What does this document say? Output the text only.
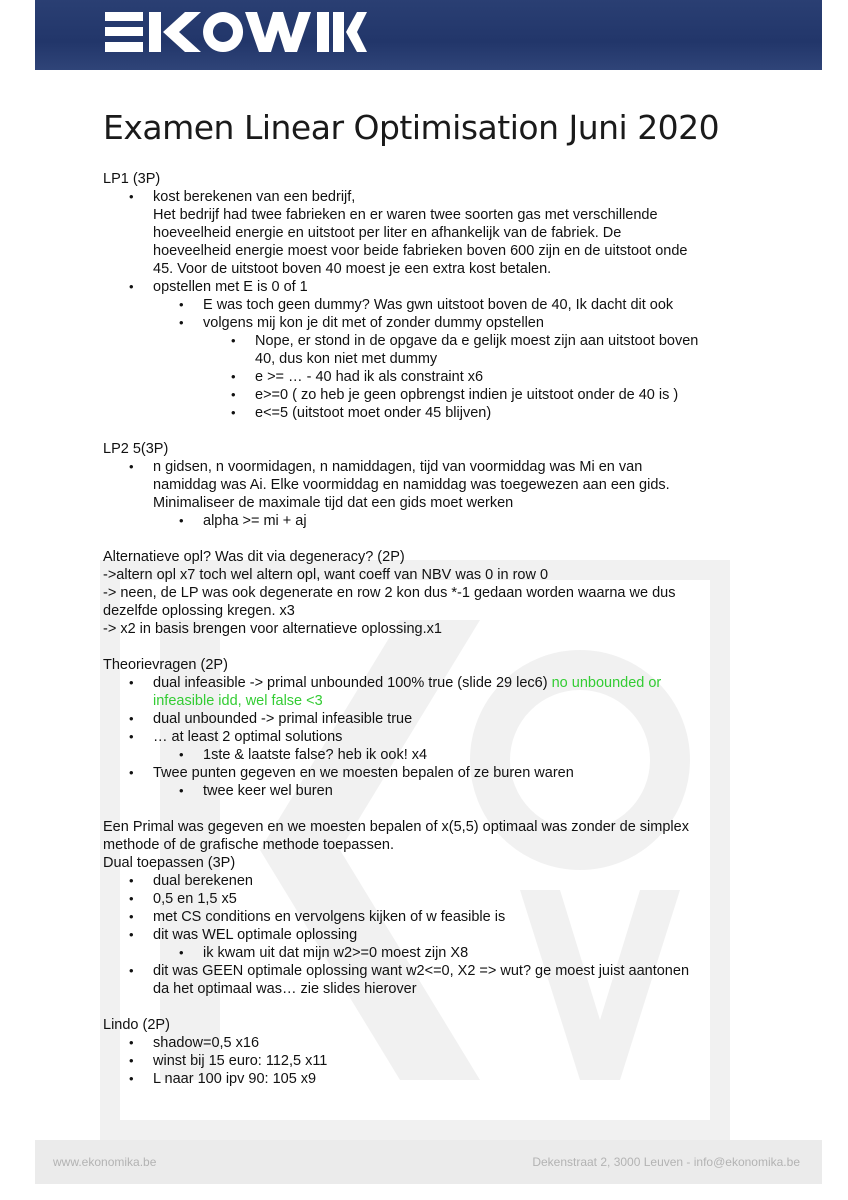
Examen Linear Optimisation Juni 2020
LP1 (3P)
• kost berekenen van een bedrijf,
Het bedrijf had twee fabrieken en er waren twee soorten gas met verschillende
hoeveelheid energie en uitstoot per liter en afhankelijk van de fabriek. De
hoeveelheid energie moest voor beide fabrieken boven 600 zijn en de uitstoot onde
45. Voor de uitstoot boven 40 moest je een extra kost betalen.
• opstellen met E is 0 of 1
• E was toch geen dummy? Was gwn uitstoot boven de 40, Ik dacht dit ook
• volgens mij kon je dit met of zonder dummy opstellen
• Nope, er stond in de opgave da e gelijk moest zijn aan uitstoot boven
40, dus kon niet met dummy
• e >= … - 40 had ik als constraint x6
• e>=0 ( zo heb je geen opbrengst indien je uitstoot onder de 40 is )
• e<=5 (uitstoot moet onder 45 blijven)
LP2 5(3P)
• n gidsen, n voormidagen, n namiddagen, tijd van voormiddag was Mi en van
namiddag was Ai. Elke voormiddag en namiddag was toegewezen aan een gids.
Minimaliseer de maximale tijd dat een gids moet werken
• alpha >= mi + aj
Alternatieve opl? Was dit via degeneracy? (2P)
->altern opl x7 toch wel altern opl, want coeff van NBV was 0 in row 0
-> neen, de LP was ook degenerate en row 2 kon dus *-1 gedaan worden waarna we dus
dezelfde oplossing kregen. x3
-> x2 in basis brengen voor alternatieve oplossing.x1
Theorievragen (2P)
• dual infeasible -> primal unbounded 100% true (slide 29 lec6) no unbounded or
infeasible idd, wel false <3
• dual unbounded -> primal infeasible true
• … at least 2 optimal solutions
• 1ste & laatste false? heb ik ook! x4
• Twee punten gegeven en we moesten bepalen of ze buren waren
• twee keer wel buren
Een Primal was gegeven en we moesten bepalen of x(5,5) optimaal was zonder de simplex
methode of de grafische methode toepassen.
Dual toepassen (3P)
• dual berekenen
• 0,5 en 1,5 x5
• met CS conditions en vervolgens kijken of w feasible is
• dit was WEL optimale oplossing
• ik kwam uit dat mijn w2>=0 moest zijn X8
• dit was GEEN optimale oplossing want w2<=0, X2 => wut? ge moest juist aantonen
da het optimaal was… zie slides hierover
Lindo (2P)
• shadow=0,5 x16
• winst bij 15 euro: 112,5 x11
• L naar 100 ipv 90: 105 x9
www.ekonomika.be	Dekenstraat 2, 3000 Leuven - info@ekonomika.be
